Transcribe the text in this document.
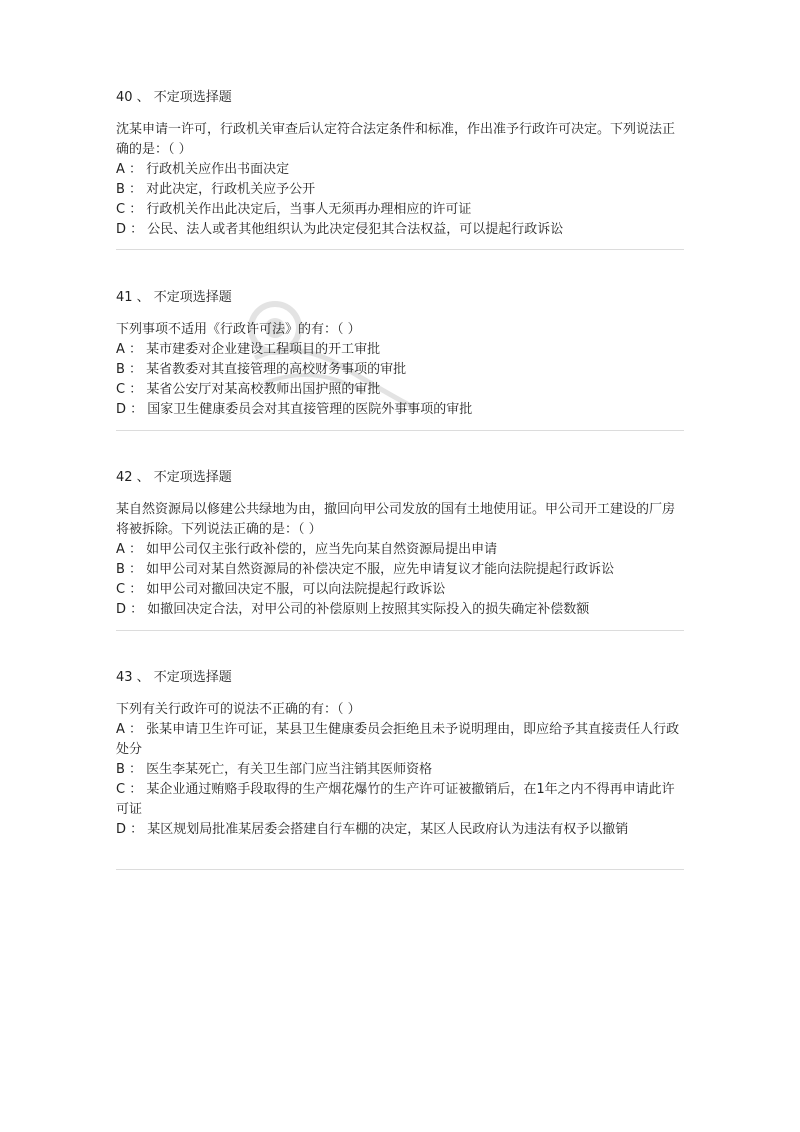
40 、 不定项选择题
沈某申请一许可，行政机关审查后认定符合法定条件和标准，作出准予行政许可决定。下列说法正确的是：（ ）
A ： 行政机关应作出书面决定
B ： 对此决定，行政机关应予公开
C ： 行政机关作出此决定后，当事人无须再办理相应的许可证
D ： 公民、法人或者其他组织认为此决定侵犯其合法权益，可以提起行政诉讼
41 、 不定项选择题
下列事项不适用《行政许可法》的有：（ ）
A ： 某市建委对企业建设工程项目的开工审批
B ： 某省教委对其直接管理的高校财务事项的审批
C ： 某省公安厅对某高校教师出国护照的审批
D ： 国家卫生健康委员会对其直接管理的医院外事事项的审批
42 、 不定项选择题
某自然资源局以修建公共绿地为由，撤回向甲公司发放的国有土地使用证。甲公司开工建设的厂房将被拆除。下列说法正确的是：（ ）
A ： 如甲公司仅主张行政补偿的，应当先向某自然资源局提出申请
B ： 如甲公司对某自然资源局的补偿决定不服，应先申请复议才能向法院提起行政诉讼
C ： 如甲公司对撤回决定不服，可以向法院提起行政诉讼
D ： 如撤回决定合法，对甲公司的补偿原则上按照其实际投入的损失确定补偿数额
43 、 不定项选择题
下列有关行政许可的说法不正确的有：（ ）
A ： 张某申请卫生许可证，某县卫生健康委员会拒绝且未予说明理由，即应给予其直接责任人行政处分
B ： 医生李某死亡，有关卫生部门应当注销其医师资格
C ： 某企业通过贿赂手段取得的生产烟花爆竹的生产许可证被撤销后，在1年之内不得再申请此许可证
D ： 某区规划局批准某居委会搭建自行车棚的决定，某区人民政府认为违法有权予以撤销
